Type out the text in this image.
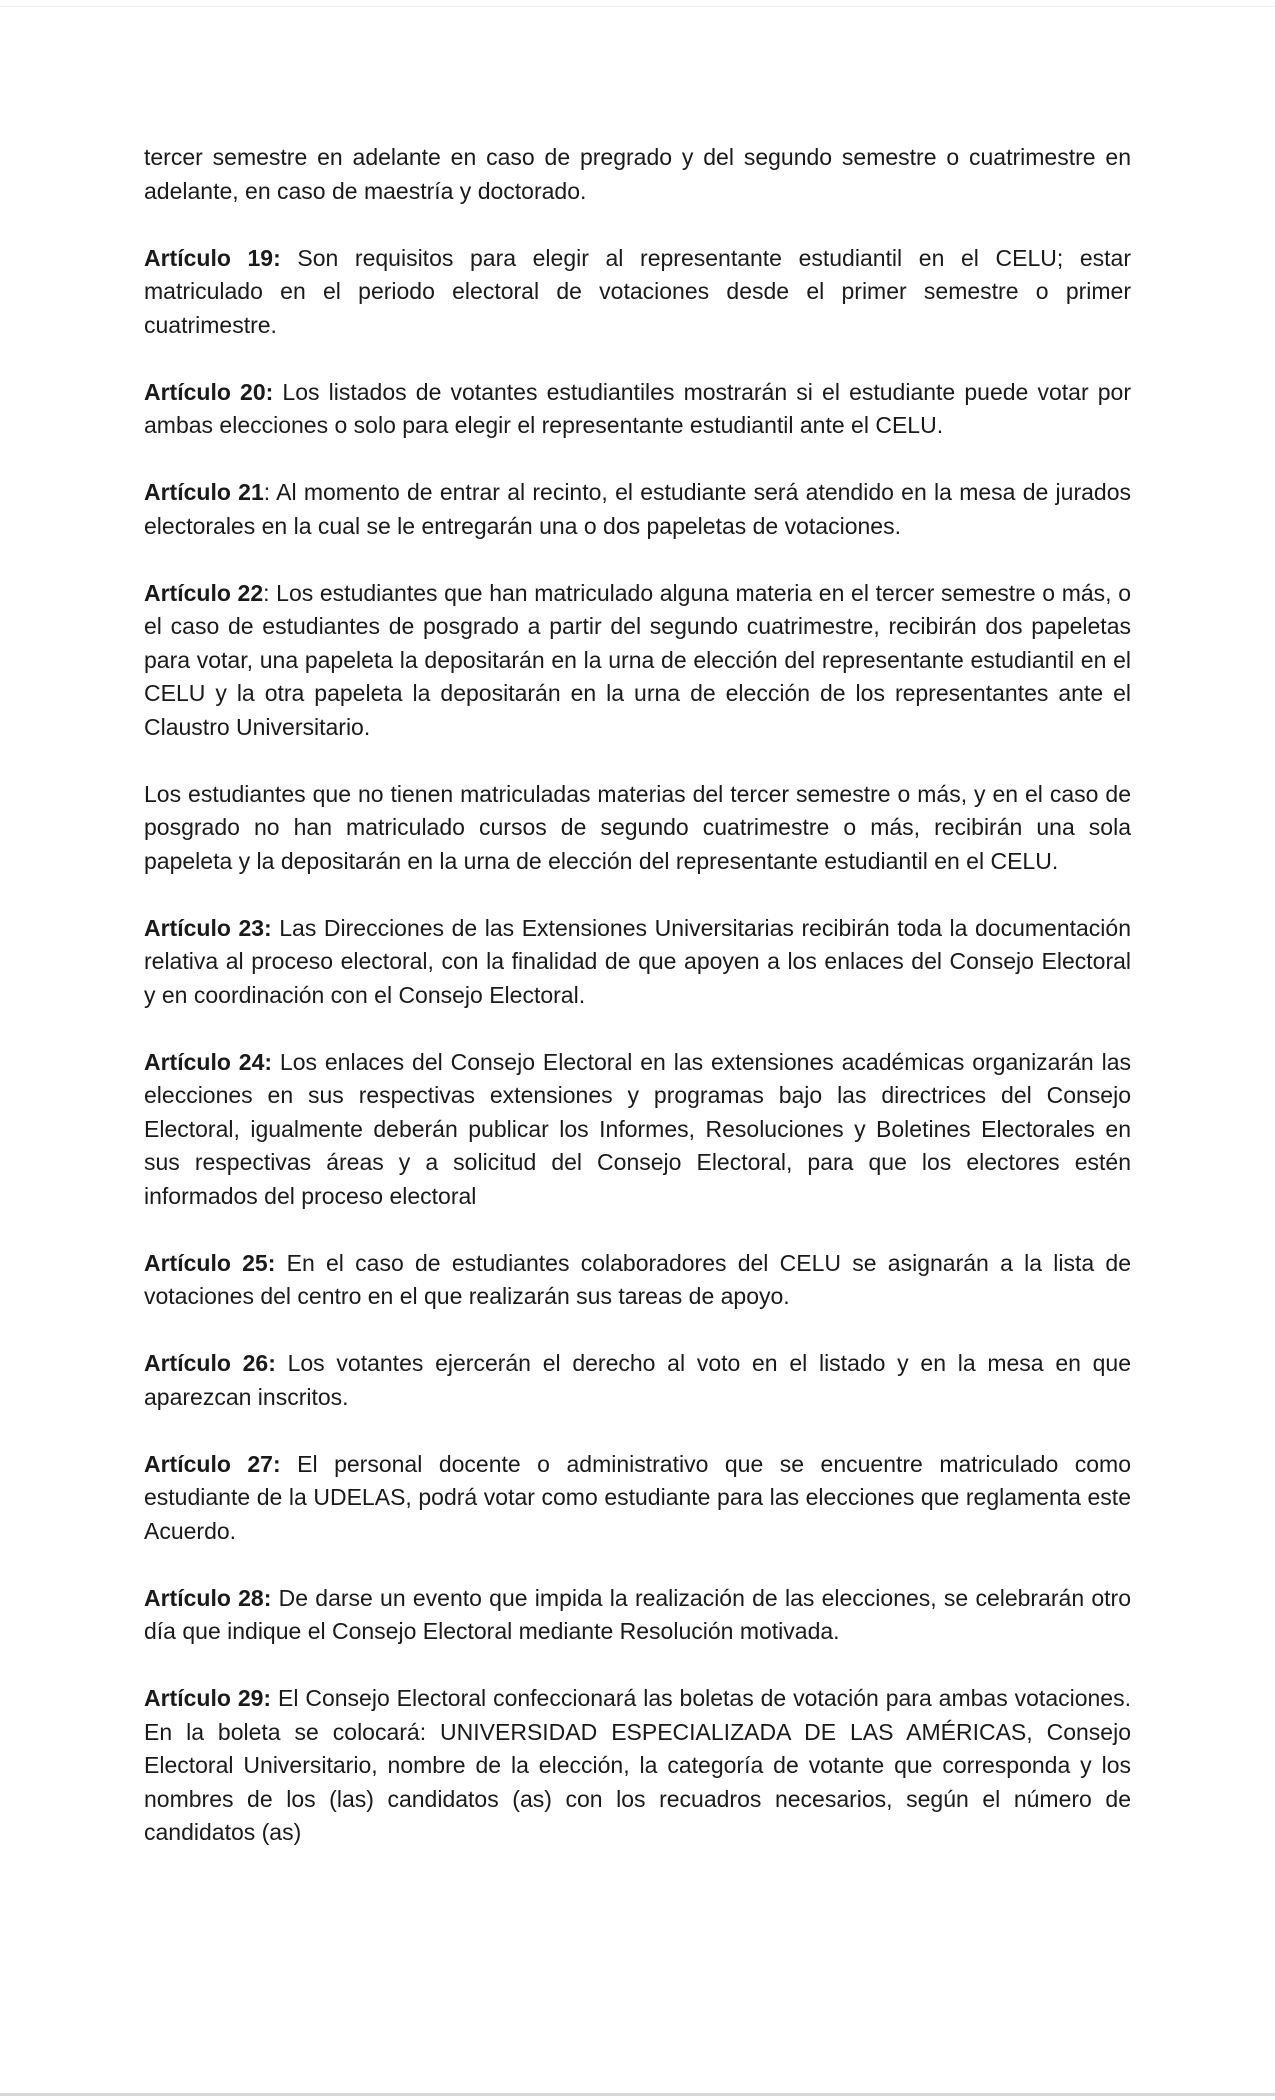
tercer semestre en adelante en caso de pregrado y del segundo semestre o cuatrimestre en adelante, en caso de maestría y doctorado.

Artículo 19: Son requisitos para elegir al representante estudiantil en el CELU; estar matriculado en el periodo electoral de votaciones desde el primer semestre o primer cuatrimestre.

Artículo 20: Los listados de votantes estudiantiles mostrarán si el estudiante puede votar por ambas elecciones o solo para elegir el representante estudiantil ante el CELU.

Artículo 21: Al momento de entrar al recinto, el estudiante será atendido en la mesa de jurados electorales en la cual se le entregarán una o dos papeletas de votaciones.

Artículo 22: Los estudiantes que han matriculado alguna materia en el tercer semestre o más, o el caso de estudiantes de posgrado a partir del segundo cuatrimestre, recibirán dos papeletas para votar, una papeleta la depositarán en la urna de elección del representante estudiantil en el CELU y la otra papeleta la depositarán en la urna de elección de los representantes ante el Claustro Universitario.

Los estudiantes que no tienen matriculadas materias del tercer semestre o más, y en el caso de posgrado no han matriculado cursos de segundo cuatrimestre o más, recibirán una sola papeleta y la depositarán en la urna de elección del representante estudiantil en el CELU.

Artículo 23: Las Direcciones de las Extensiones Universitarias recibirán toda la documentación relativa al proceso electoral, con la finalidad de que apoyen a los enlaces del Consejo Electoral y en coordinación con el Consejo Electoral.

Artículo 24: Los enlaces del Consejo Electoral en las extensiones académicas organizarán las elecciones en sus respectivas extensiones y programas bajo las directrices del Consejo Electoral, igualmente deberán publicar los Informes, Resoluciones y Boletines Electorales en sus respectivas áreas y a solicitud del Consejo Electoral, para que los electores estén informados del proceso electoral

Artículo 25: En el caso de estudiantes colaboradores del CELU se asignarán a la lista de votaciones del centro en el que realizarán sus tareas de apoyo.

Artículo 26: Los votantes ejercerán el derecho al voto en el listado y en la mesa en que aparezcan inscritos.

Artículo 27: El personal docente o administrativo que se encuentre matriculado como estudiante de la UDELAS, podrá votar como estudiante para las elecciones que reglamenta este Acuerdo.

Artículo 28: De darse un evento que impida la realización de las elecciones, se celebrarán otro día que indique el Consejo Electoral mediante Resolución motivada.

Artículo 29: El Consejo Electoral confeccionará las boletas de votación para ambas votaciones. En la boleta se colocará: UNIVERSIDAD ESPECIALIZADA DE LAS AMÉRICAS, Consejo Electoral Universitario, nombre de la elección, la categoría de votante que corresponda y los nombres de los (las) candidatos (as) con los recuadros necesarios, según el número de candidatos (as)
